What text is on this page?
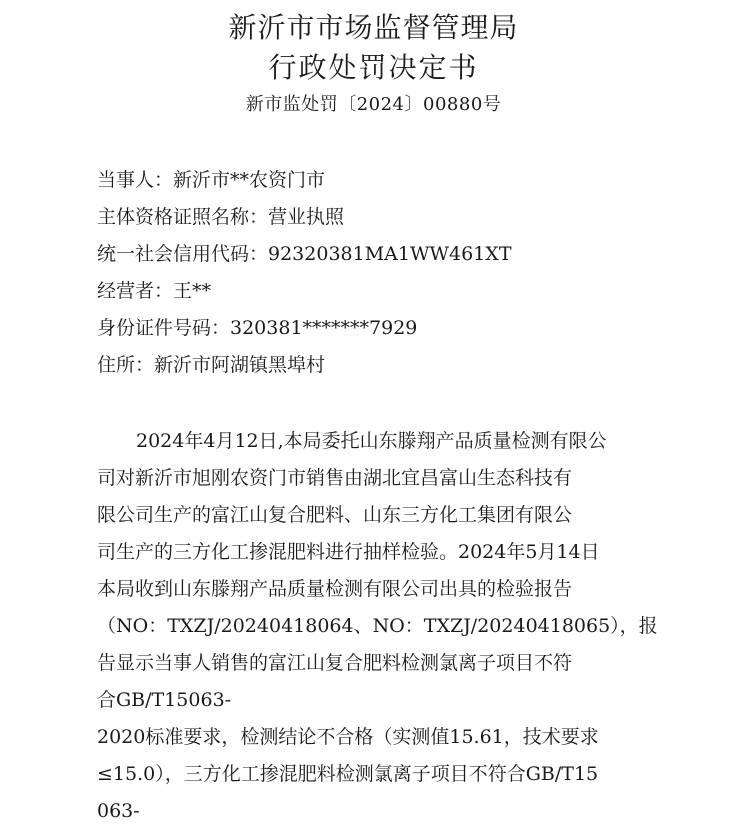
新沂市市场监督管理局
行政处罚决定书
新市监处罚〔2024〕00880号
当事人：新沂市**农资门市
主体资格证照名称：营业执照
统一社会信用代码：92320381MA1WW461XT
经营者：王**
身份证件号码：320381*******7929
住所：新沂市阿湖镇黑埠村
2024年4月12日,本局委托山东滕翔产品质量检测有限公
司对新沂市旭刚农资门市销售由湖北宜昌富山生态科技有
限公司生产的富江山复合肥料、山东三方化工集团有限公
司生产的三方化工掺混肥料进行抽样检验。2024年5月14日
本局收到山东滕翔产品质量检测有限公司出具的检验报告
（NO：TXZJ/20240418064、NO：TXZJ/20240418065），报
告显示当事人销售的富江山复合肥料检测氯离子项目不符
合GB/T15063-
2020标准要求，检测结论不合格（实测值15.61，技术要求
≤15.0），三方化工掺混肥料检测氯离子项目不符合GB/T15
063-
